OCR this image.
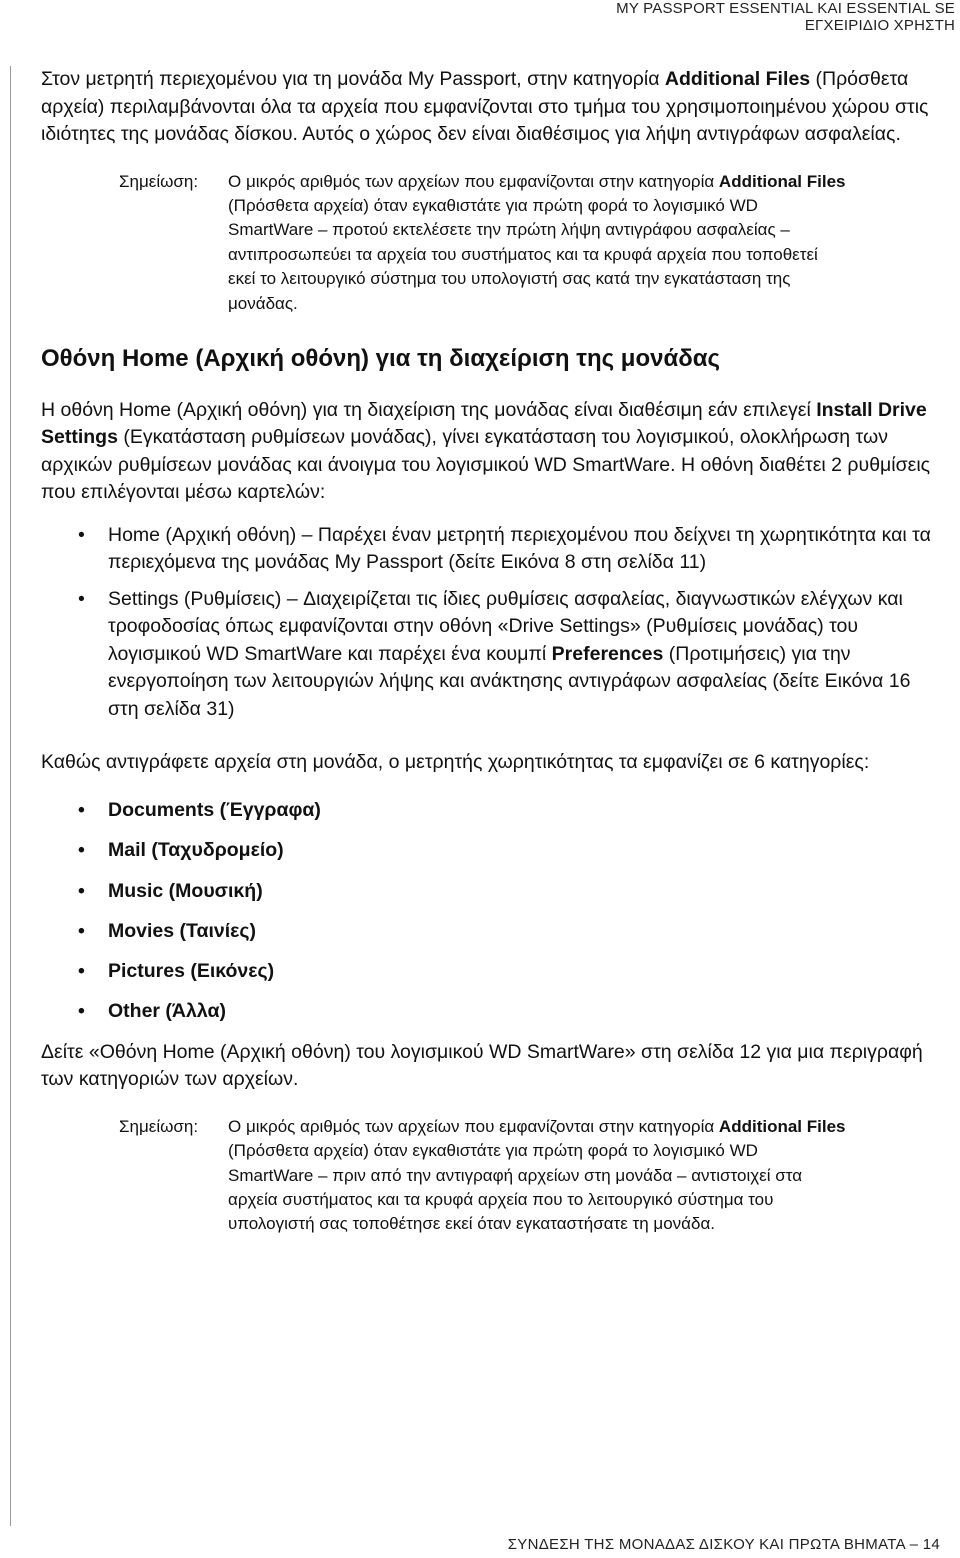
MY PASSPORT ESSENTIAL KAI ESSENTIAL SE
ΕΓΧΕΙΡΙΔΙΟ ΧΡΗΣΤΗ

Στον μετρητή περιεχομένου για τη μονάδα My Passport, στην κατηγορία Additional Files (Πρόσθετα αρχεία) περιλαμβάνονται όλα τα αρχεία που εμφανίζονται στο τμήμα του χρησιμοποιημένου χώρου στις ιδιότητες της μονάδας δίσκου. Αυτός ο χώρος δεν είναι διαθέσιμος για λήψη αντιγράφων ασφαλείας.

Σημείωση: Ο μικρός αριθμός των αρχείων που εμφανίζονται στην κατηγορία Additional Files (Πρόσθετα αρχεία) όταν εγκαθιστάτε για πρώτη φορά το λογισμικό WD SmartWare – προτού εκτελέσετε την πρώτη λήψη αντιγράφου ασφαλείας – αντιπροσωπεύει τα αρχεία του συστήματος και τα κρυφά αρχεία που τοποθετεί εκεί το λειτουργικό σύστημα του υπολογιστή σας κατά την εγκατάσταση της μονάδας.
Οθόνη Home (Αρχική οθόνη) για τη διαχείριση της μονάδας

Η οθόνη Home (Αρχική οθόνη) για τη διαχείριση της μονάδας είναι διαθέσιμη εάν επιλεγεί Install Drive Settings (Εγκατάσταση ρυθμίσεων μονάδας), γίνει εγκατάσταση του λογισμικού, ολοκλήρωση των αρχικών ρυθμίσεων μονάδας και άνοιγμα του λογισμικού WD SmartWare. Η οθόνη διαθέτει 2 ρυθμίσεις που επιλέγονται μέσω καρτελών:

• Home (Αρχική οθόνη) – Παρέχει έναν μετρητή περιεχομένου που δείχνει τη χωρητικότητα και τα περιεχόμενα της μονάδας My Passport (δείτε Εικόνα 8 στη σελίδα 11)
• Settings (Ρυθμίσεις) – Διαχειρίζεται τις ίδιες ρυθμίσεις ασφαλείας, διαγνωστικών ελέγχων και τροφοδοσίας όπως εμφανίζονται στην οθόνη «Drive Settings» (Ρυθμίσεις μονάδας) του λογισμικού WD SmartWare και παρέχει ένα κουμπί Preferences (Προτιμήσεις) για την ενεργοποίηση των λειτουργιών λήψης και ανάκτησης αντιγράφων ασφαλείας (δείτε Εικόνα 16 στη σελίδα 31)

Καθώς αντιγράφετε αρχεία στη μονάδα, ο μετρητής χωρητικότητας τα εμφανίζει σε 6 κατηγορίες:

• Documents (Έγγραφα)
• Mail (Ταχυδρομείο)
• Music (Μουσική)
• Movies (Ταινίες)
• Pictures (Εικόνες)
• Other (Άλλα)

Δείτε «Οθόνη Home (Αρχική οθόνη) του λογισμικού WD SmartWare» στη σελίδα 12 για μια περιγραφή των κατηγοριών των αρχείων.

Σημείωση: Ο μικρός αριθμός των αρχείων που εμφανίζονται στην κατηγορία Additional Files (Πρόσθετα αρχεία) όταν εγκαθιστάτε για πρώτη φορά το λογισμικό WD SmartWare – πριν από την αντιγραφή αρχείων στη μονάδα – αντιστοιχεί στα αρχεία συστήματος και τα κρυφά αρχεία που το λειτουργικό σύστημα του υπολογιστή σας τοποθέτησε εκεί όταν εγκαταστήσατε τη μονάδα.
ΣΥΝΔΕΣΗ ΤΗΣ ΜΟΝΑΔΑΣ ΔΙΣΚΟΥ ΚΑΙ ΠΡΩΤΑ ΒΗΜΑΤΑ – 14
